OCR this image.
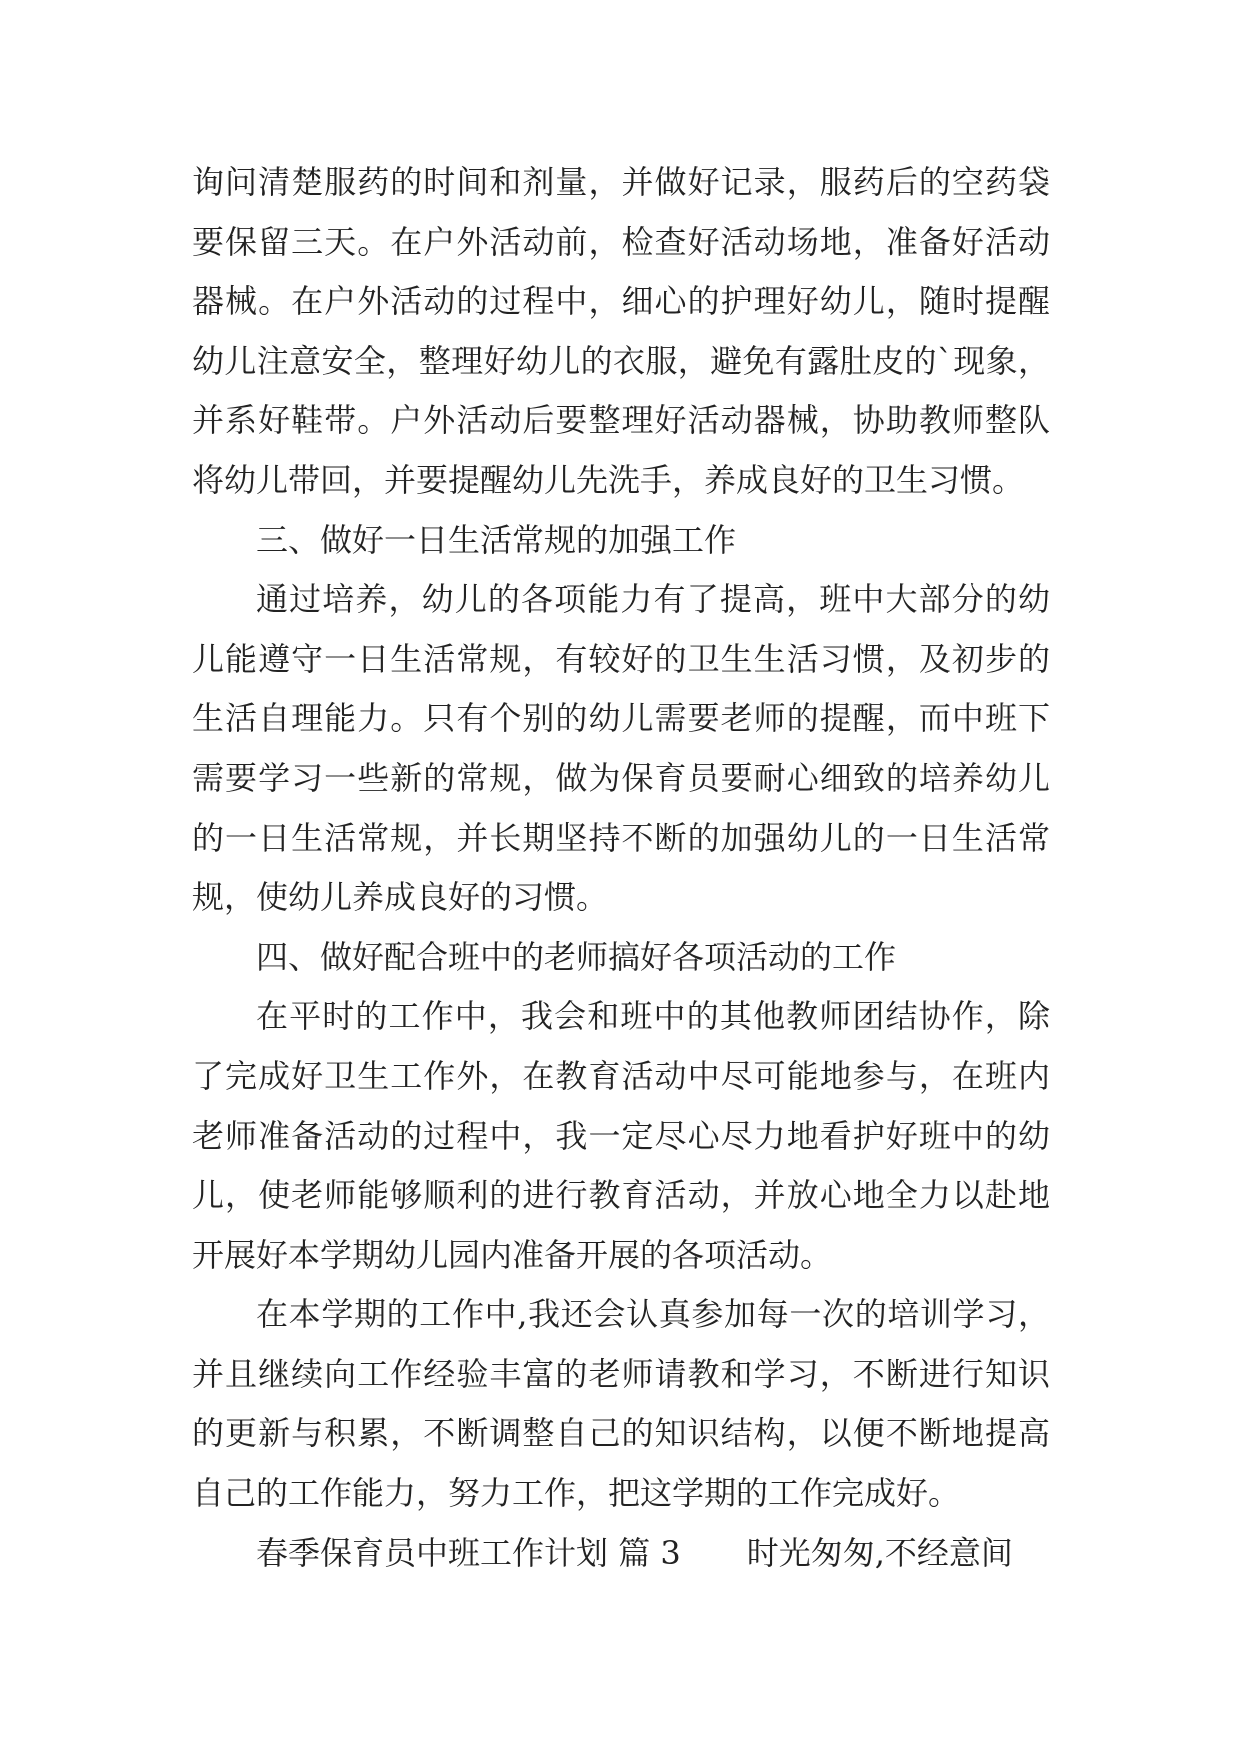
询问清楚服药的时间和剂量，并做好记录，服药后的空药袋要保留三天。在户外活动前，检查好活动场地，准备好活动器械。在户外活动的过程中，细心的护理好幼儿，随时提醒幼儿注意安全，整理好幼儿的衣服，避免有露肚皮的`现象，并系好鞋带。户外活动后要整理好活动器械，协助教师整队将幼儿带回，并要提醒幼儿先洗手，养成良好的卫生习惯。

三、做好一日生活常规的加强工作

通过培养，幼儿的各项能力有了提高，班中大部分的幼儿能遵守一日生活常规，有较好的卫生生活习惯，及初步的生活自理能力。只有个别的幼儿需要老师的提醒，而中班下需要学习一些新的常规，做为保育员要耐心细致的培养幼儿的一日生活常规，并长期坚持不断的加强幼儿的一日生活常规，使幼儿养成良好的习惯。

四、做好配合班中的老师搞好各项活动的工作

在平时的工作中，我会和班中的其他教师团结协作，除了完成好卫生工作外，在教育活动中尽可能地参与，在班内老师准备活动的过程中，我一定尽心尽力地看护好班中的幼儿，使老师能够顺利的进行教育活动，并放心地全力以赴地开展好本学期幼儿园内准备开展的各项活动。

在本学期的工作中,我还会认真参加每一次的培训学习，并且继续向工作经验丰富的老师请教和学习，不断进行知识的更新与积累，不断调整自己的知识结构，以便不断地提高自己的工作能力，努力工作，把这学期的工作完成好。

春季保育员中班工作计划 篇 3 时光匆匆,不经意间
